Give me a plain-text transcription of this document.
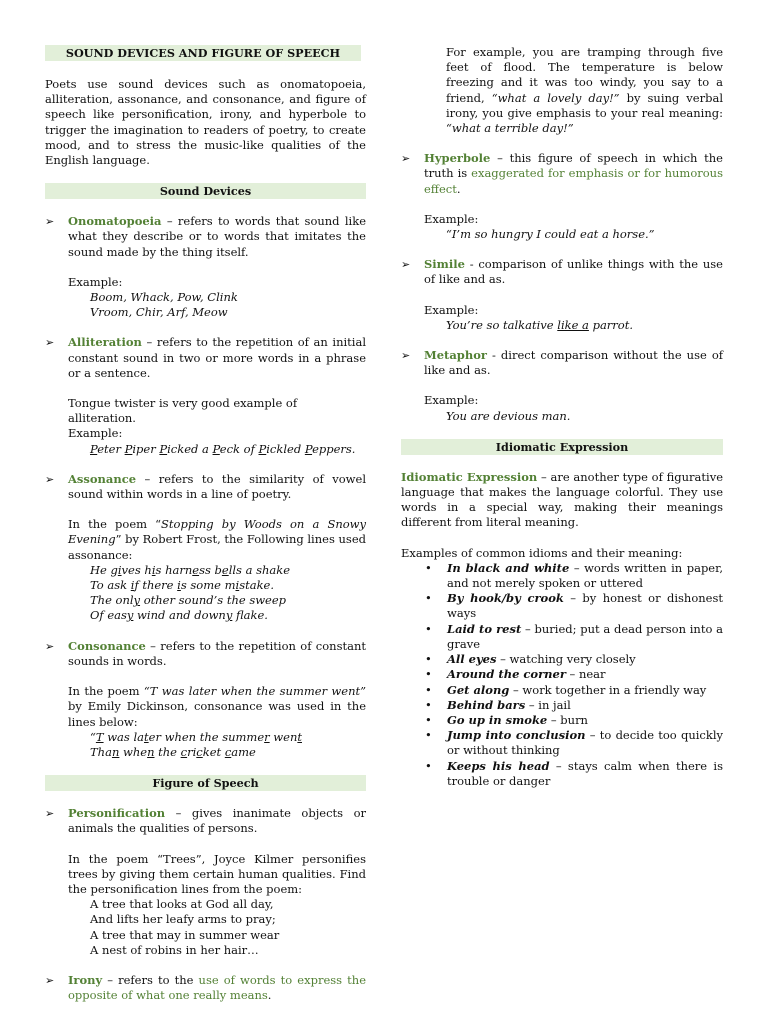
SOUND DEVICES AND FIGURE OF SPEECH
Poets use sound devices such as onomatopoeia, alliteration, assonance, and consonance, and figure of speech like personification, irony, and hyperbole to trigger the imagination to readers of poetry, to create mood, and to stress the music-like qualities of the English language.
Sound Devices
➢ Onomatopoeia – refers to words that sound like what they describe or to words that imitates the sound made by the thing itself.
Example:
Boom, Whack, Pow, Clink
Vroom, Chir, Arf, Meow
➢ Alliteration – refers to the repetition of an initial constant sound in two or more words in a phrase or a sentence.
Tongue twister is very good example of alliteration.
Example:
Peter Piper Picked a Peck of Pickled Peppers.
➢ Assonance – refers to the similarity of vowel sound within words in a line of poetry.
In the poem “Stopping by Woods on a Snowy Evening” by Robert Frost, the Following lines used assonance:
He gives his harness bells a shake
To ask if there is some mistake.
The only other sound’s the sweep
Of easy wind and downy flake.
➢ Consonance – refers to the repetition of constant sounds in words.
In the poem “T was later when the summer went” by Emily Dickinson, consonance was used in the lines below:
“T was later when the summer went
Than when the cricket came
Figure of Speech
➢ Personification – gives inanimate objects or animals the qualities of persons.
In the poem “Trees”, Joyce Kilmer personifies trees by giving them certain human qualities. Find the personification lines from the poem:
A tree that looks at God all day,
And lifts her leafy arms to pray;
A tree that may in summer wear
A nest of robins in her hair…
➢ Irony – refers to the use of words to express the opposite of what one really means.
For example, you are tramping through five feet of flood. The temperature is below freezing and it was too windy, you say to a friend, “what a lovely day!” by suing verbal irony, you give emphasis to your real meaning: “what a terrible day!”
➢ Hyperbole – this figure of speech in which the truth is exaggerated for emphasis or for humorous effect.
Example:
“I’m so hungry I could eat a horse.”
➢ Simile - comparison of unlike things with the use of like and as.
Example:
You’re so talkative like a parrot.
➢ Metaphor - direct comparison without the use of like and as.
Example:
You are devious man.
Idiomatic Expression
Idiomatic Expression – are another type of figurative language that makes the language colorful. They use words in a special way, making their meanings different from literal meaning.
Examples of common idioms and their meaning:
• In black and white – words written in paper, and not merely spoken or uttered
• By hook/by crook – by honest or dishonest ways
• Laid to rest – buried; put a dead person into a grave
• All eyes – watching very closely
• Around the corner – near
• Get along – work together in a friendly way
• Behind bars – in jail
• Go up in smoke – burn
• Jump into conclusion – to decide too quickly or without thinking
• Keeps his head – stays calm when there is trouble or danger
